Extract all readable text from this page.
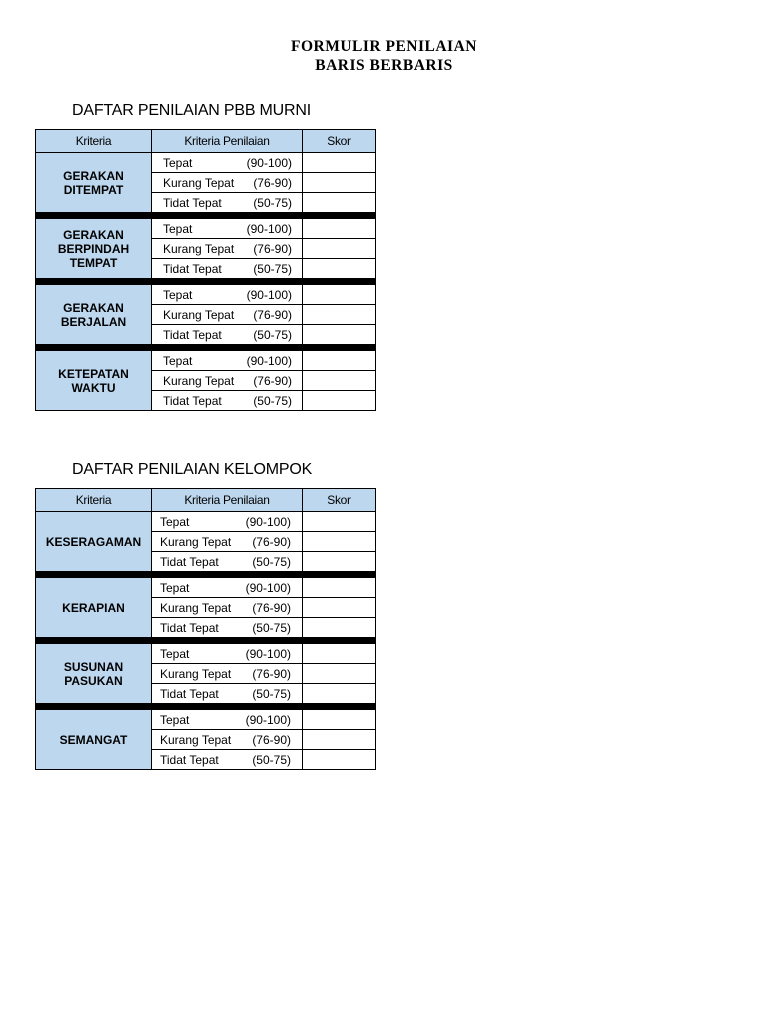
FORMULIR PENILAIAN
BARIS BERBARIS
DAFTAR PENILAIAN PBB MURNI
Kriteria	Kriteria Penilaian	Skor
GERAKAN
DITEMPAT	Tepat (90-100)	

	Kurang Tepat (76-90)	

	Tidat Tepat (50-75)	

GERAKAN
BERPINDAH
TEMPAT	Tepat (90-100)	

	Kurang Tepat (76-90)	

	Tidat Tepat (50-75)	

GERAKAN
BERJALAN	Tepat (90-100)	

	Kurang Tepat (76-90)	

	Tidat Tepat (50-75)	

KETEPATAN
WAKTU	Tepat (90-100)	

	Kurang Tepat (76-90)	

	Tidat Tepat (50-75)	

DAFTAR PENILAIAN KELOMPOK
Kriteria	Kriteria Penilaian	Skor
KESERAGAMAN	Tepat (90-100)	

	Kurang Tepat (76-90)	

	Tidat Tepat (50-75)	

KERAPIAN	Tepat (90-100)	

	Kurang Tepat (76-90)	

	Tidat Tepat (50-75)	

SUSUNAN
PASUKAN	Tepat (90-100)	

	Kurang Tepat (76-90)	

	Tidat Tepat (50-75)	

SEMANGAT	Tepat (90-100)	

	Kurang Tepat (76-90)	

	Tidat Tepat (50-75)	
